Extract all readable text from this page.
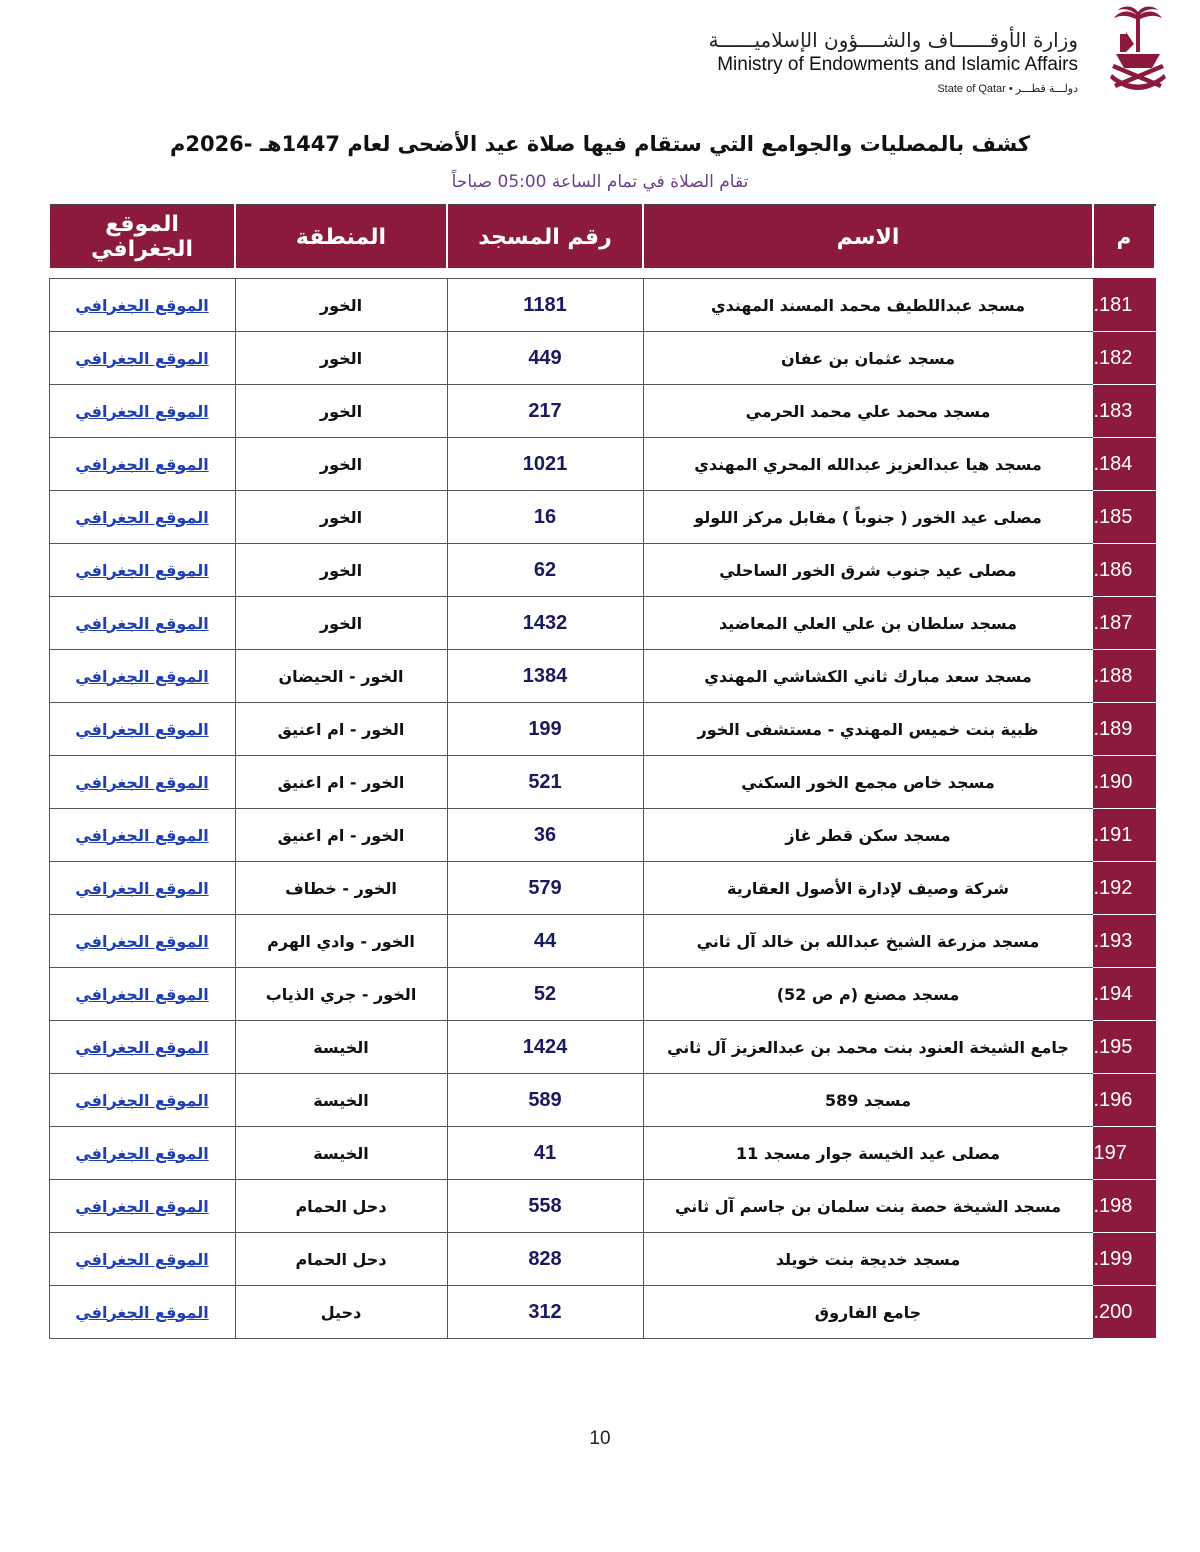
وزارة الأوقــــــاف والشــــؤون الإسلاميــــــة
Ministry of Endowments and Islamic Affairs
State of Qatar • دولـــة قطـــر
كشف بالمصليات والجوامع التي ستقام فيها صلاة عيد الأضحى لعام 1447هـ -2026م
تقام الصلاة في تمام الساعة 05:00 صباحاً
م	الاسم	رقم المسجد	المنطقة	الموقع الجغرافي

.181	مسجد عبداللطيف محمد المسند المهندي	1181	الخور	الموقع الجغرافي
.182	مسجد عثمان بن عفان	449	الخور	الموقع الجغرافي
.183	مسجد محمد علي محمد الحرمي	217	الخور	الموقع الجغرافي
.184	مسجد هيا عبدالعزيز عبدالله المحري المهندي	1021	الخور	الموقع الجغرافي
.185	مصلى عيد الخور ( جنوباً ) مقابل مركز اللولو	16	الخور	الموقع الجغرافي
.186	مصلى عيد جنوب شرق الخور الساحلي	62	الخور	الموقع الجغرافي
.187	مسجد سلطان بن علي العلي المعاضيد	1432	الخور	الموقع الجغرافي
.188	مسجد سعد مبارك ثاني الكشاشي المهندي	1384	الخور - الحيضان	الموقع الجغرافي
.189	ظبية بنت خميس المهندي - مستشفى الخور	199	الخور - ام اعنيق	الموقع الجغرافي
.190	مسجد خاص مجمع الخور السكني	521	الخور - ام اعنيق	الموقع الجغرافي
.191	مسجد سكن قطر غاز	36	الخور - ام اعنيق	الموقع الجغرافي
.192	شركة وصيف لإدارة الأصول العقارية	579	الخور - خطاف	الموقع الجغرافي
.193	مسجد مزرعة الشيخ عبدالله بن خالد آل ثاني	44	الخور - وادي الهرم	الموقع الجغرافي
.194	مسجد مصنع (م ص 52)	52	الخور - جري الذياب	الموقع الجغرافي
.195	جامع الشيخة العنود بنت محمد بن عبدالعزيز آل ثاني	1424	الخيسة	الموقع الجغرافي
.196	مسجد 589	589	الخيسة	الموقع الجغرافي
197	مصلى عيد الخيسة جوار مسجد 11	41	الخيسة	الموقع الجغرافي
.198	مسجد الشيخة حصة بنت سلمان بن جاسم آل ثاني	558	دحل الحمام	الموقع الجغرافي
.199	مسجد خديجة بنت خويلد	828	دحل الحمام	الموقع الجغرافي
.200	جامع الفاروق	312	دحيل	الموقع الجغرافي
10
